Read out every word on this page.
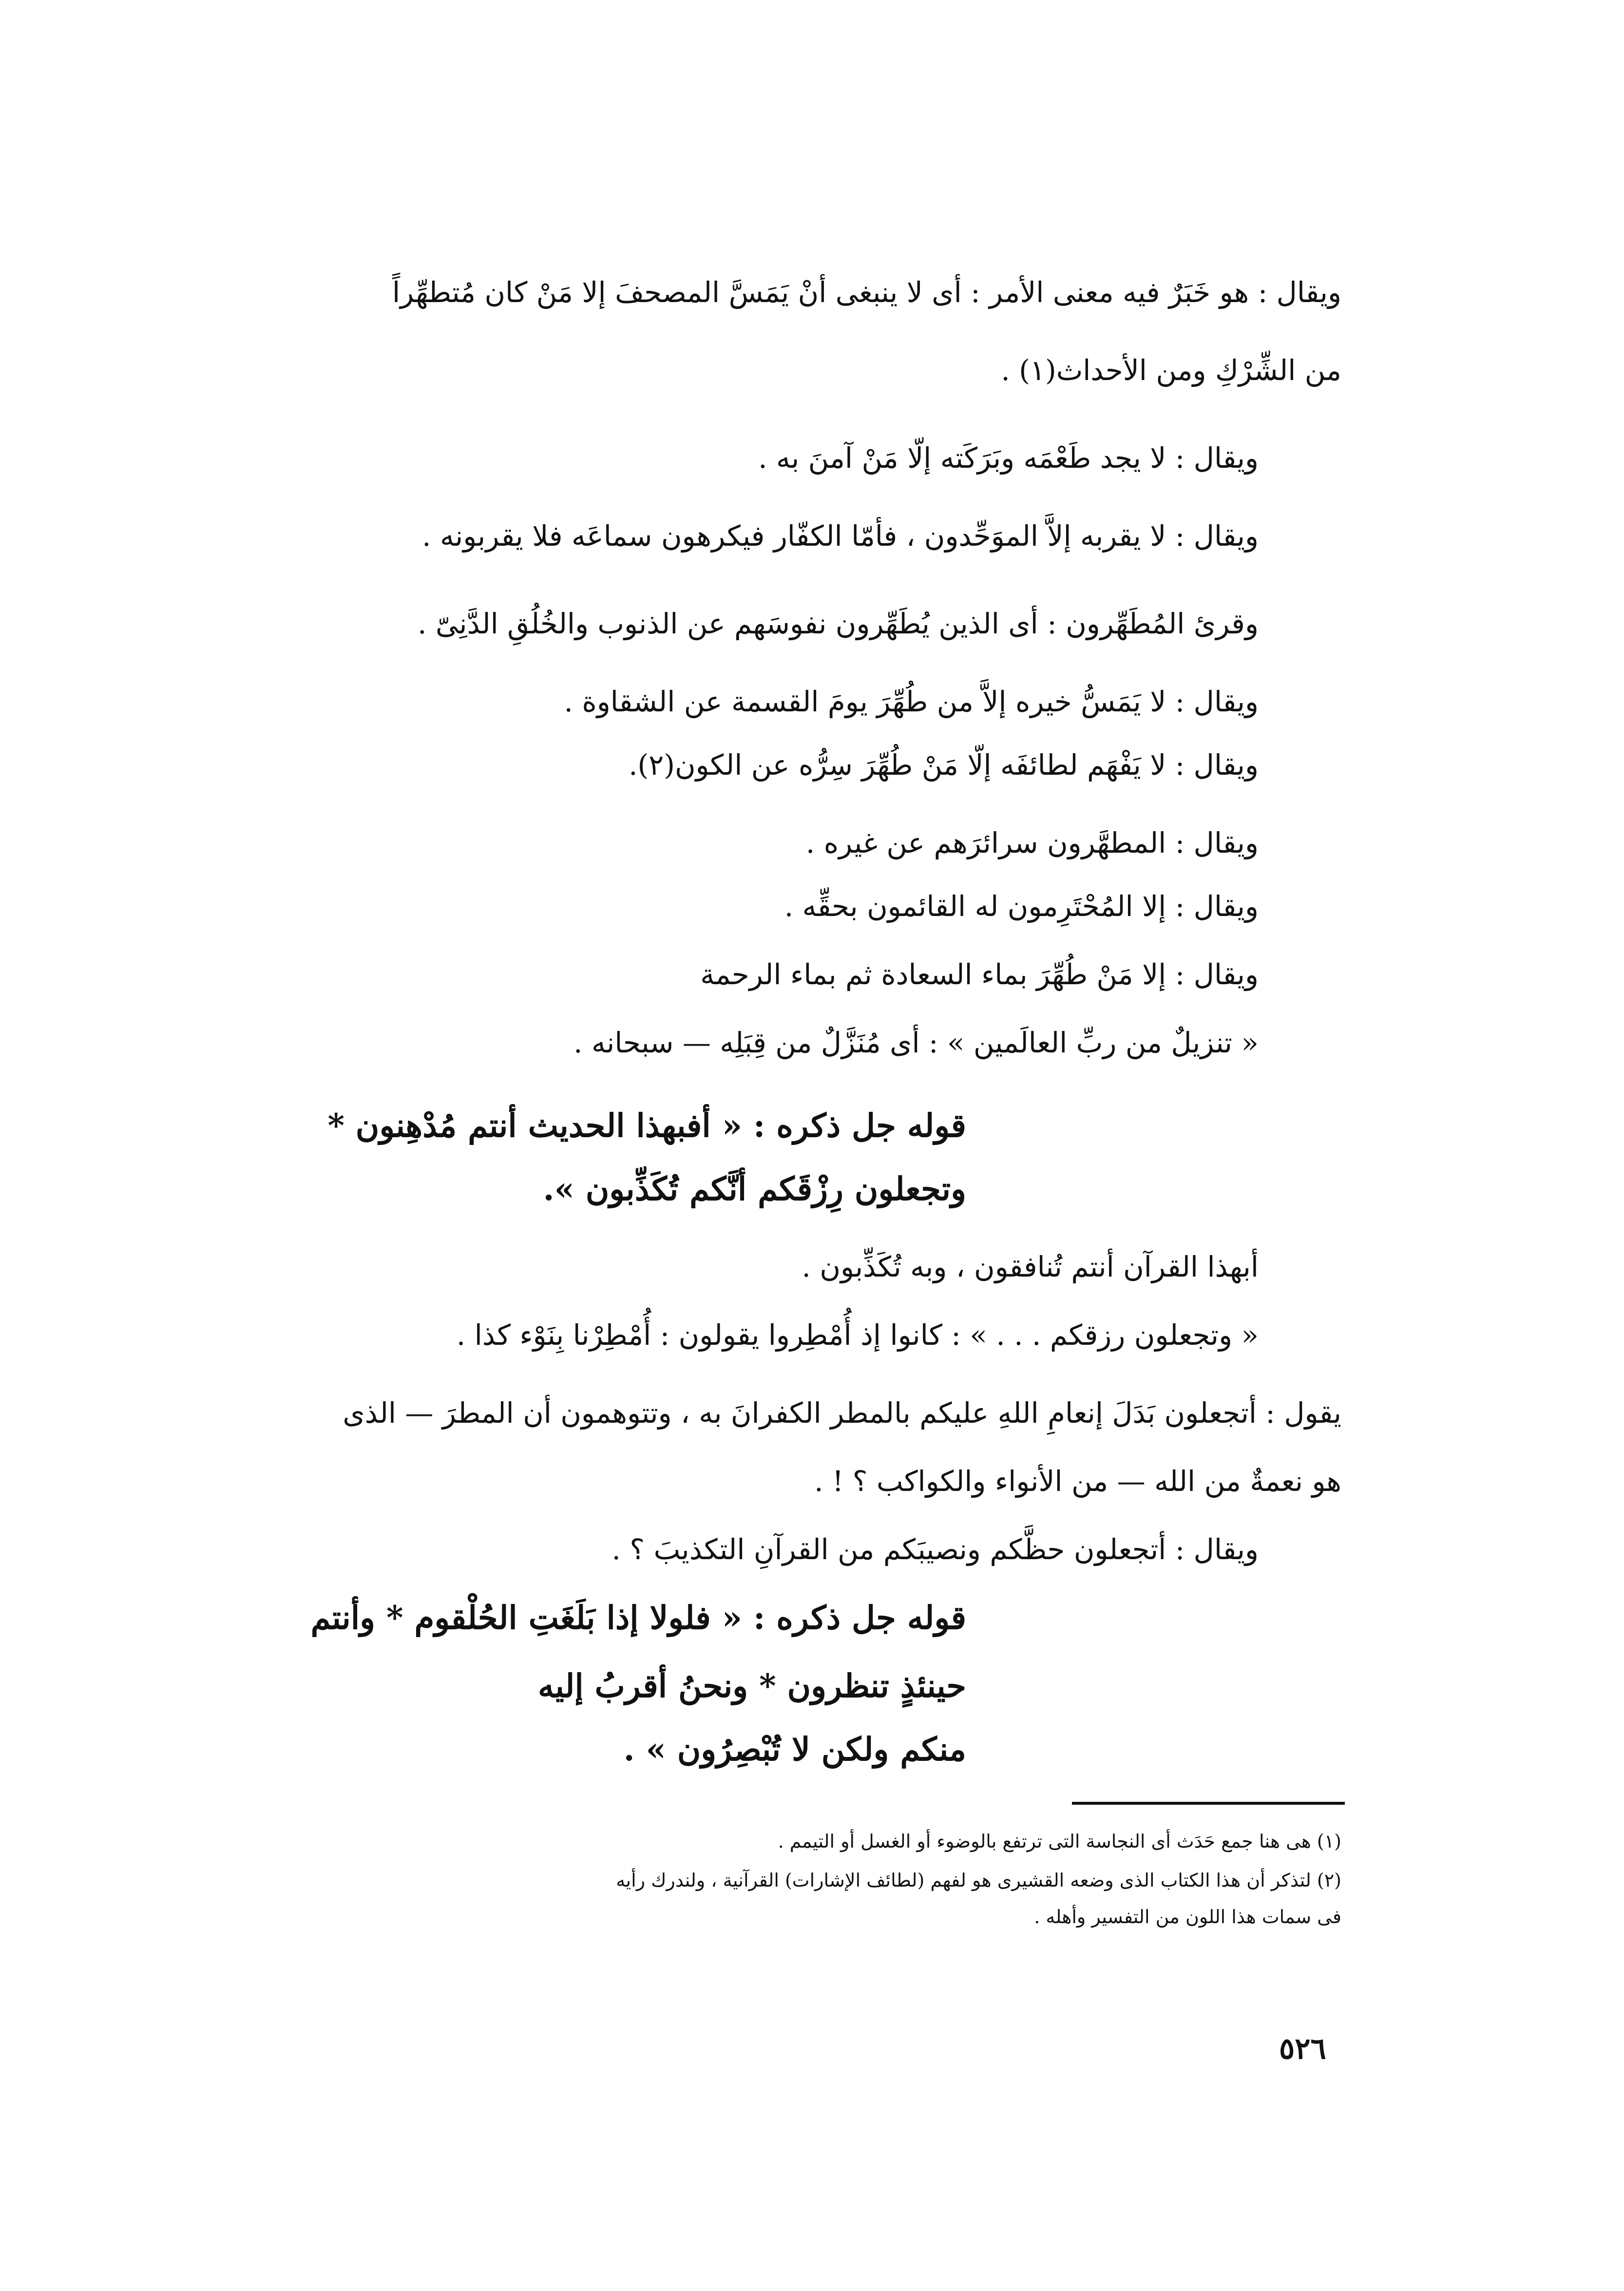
ويقال : هو خَبَرٌ فيه معنى الأمر : أى لا ينبغى أنْ يَمَسَّ المصحفَ إلا مَنْ كان مُتطهِّراً
من الشِّرْكِ ومن الأحداث(١) .
ويقال : لا يجد طَعْمَه وبَرَكَته إلّا مَنْ آمنَ به .
ويقال : لا يقربه إلاَّ الموَحِّدون ، فأمّا الكفّار فيكرهون سماعَه فلا يقربونه .
وقرئ المُطَهِّرون : أى الذين يُطَهِّرون نفوسَهم عن الذنوب والخُلُقِ الدَّنِىّ .
ويقال : لا يَمَسُّ خيره إلاَّ من طُهِّرَ يومَ القسمة عن الشقاوة .
ويقال : لا يَفْهَم لطائفَه إلّا مَنْ طُهِّرَ سِرُّه عن الكون(٢).
ويقال : المطهَّرون سرائرَهم عن غيره .
ويقال : إلا المُحْتَرِمون له القائمون بحقِّه .
ويقال : إلا مَنْ طُهِّرَ بماء السعادة ثم بماء الرحمة
« تنزيلٌ من ربِّ العالَمين » : أى مُنَزَّلٌ من قِبَلِه — سبحانه .
قوله جل ذكره : « أفبهذا الحديث أنتم مُدْهِنون *
وتجعلون رِزْقَكم أنَّكم تُكَذِّبون ».
أبهذا القرآن أنتم تُنافقون ، وبه تُكَذِّبون .
« وتجعلون رزقكم . . . » : كانوا إذ أُمْطِروا يقولون : أُمْطِرْنا بِنَوْء كذا .
يقول : أتجعلون بَدَلَ إنعامِ اللهِ عليكم بالمطر الكفرانَ به ، وتتوهمون أن المطرَ — الذى
هو نعمةٌ من الله — من الأنواء والكواكب ؟ ! .
ويقال : أتجعلون حظَّكم ونصيبَكم من القرآنِ التكذيبَ ؟ .
قوله جل ذكره : « فلولا إذا بَلَغَتِ الحُلْقوم * وأنتم
حينئذٍ تنظرون * ونحنُ أقربُ إليه
منكم ولكن لا تُبْصِرُون » .
(١) هى هنا جمع حَدَث أى النجاسة التى ترتفع بالوضوء أو الغسل أو التيمم .
(٢) لتذكر أن هذا الكتاب الذى وضعه القشيرى هو لفهم (لطائف الإشارات) القرآنية ، ولندرك رأيه
فى سمات هذا اللون من التفسير وأهله .
٥٢٦
